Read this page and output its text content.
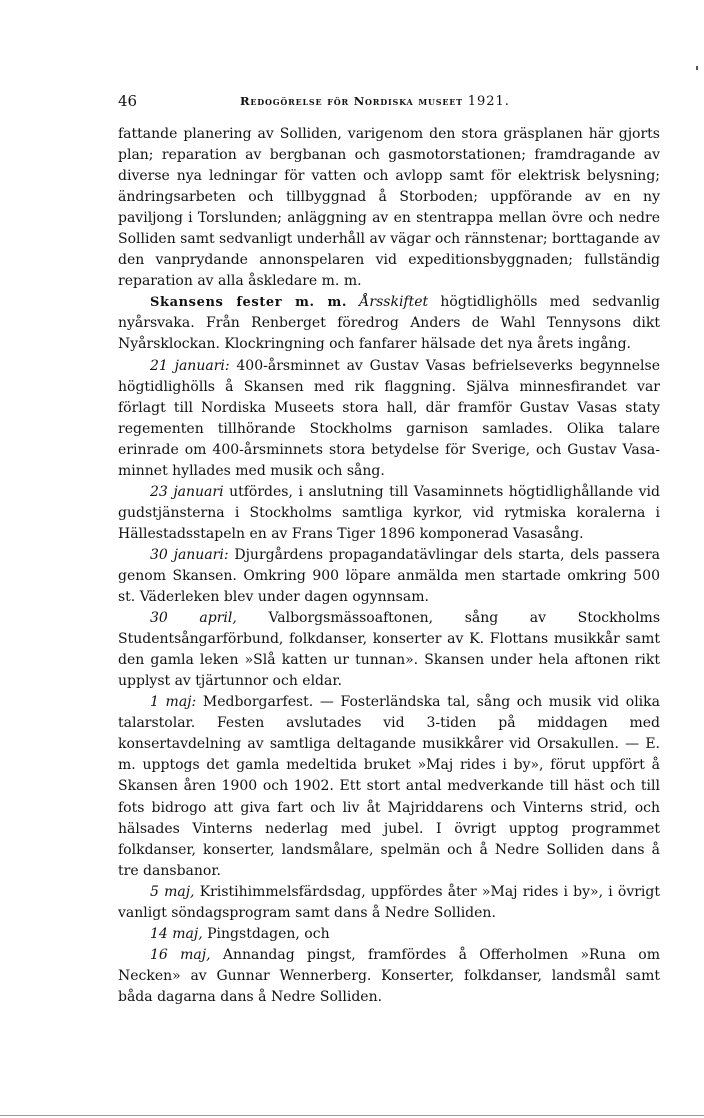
46	Redogörelse för Nordiska museet 1921.

fattande planering av Solliden, varigenom den stora gräsplanen här gjorts plan; reparation av bergbanan och gasmotorstationen; framdragande av diverse nya ledningar för vatten och avlopp samt för elektrisk belysning; ändringsarbeten och tillbyggnad å Storboden; uppförande av en ny paviljong i Torslunden; anläggning av en stentrappa mellan övre och nedre Solliden samt sedvanligt underhåll av vägar och rännstenar; borttagande av den vanprydande annonspelaren vid expeditionsbyggnaden; fullständig reparation av alla åskledare m. m.

Skansens fester m. m. Årsskiftet högtidlighölls med sedvanlig nyårsvaka. Från Renberget föredrog Anders de Wahl Tennysons dikt Nyårsklockan. Klockringning och fanfarer hälsade det nya årets ingång.

21 januari: 400-årsminnet av Gustav Vasas befrielseverks begynnelse högtidlighölls å Skansen med rik flaggning. Själva minnesfirandet var förlagt till Nordiska Museets stora hall, där framför Gustav Vasas staty regementen tillhörande Stockholms garnison samlades. Olika talare erinrade om 400-årsminnets stora betydelse för Sverige, och Gustav Vasa-minnet hyllades med musik och sång.

23 januari utfördes, i anslutning till Vasaminnets högtidlighållande vid gudstjänsterna i Stockholms samtliga kyrkor, vid rytmiska koralerna i Hällestadsstapeln en av Frans Tiger 1896 komponerad Vasasång.

30 januari: Djurgårdens propagandatävlingar dels starta, dels passera genom Skansen. Omkring 900 löpare anmälda men startade omkring 500 st. Väderleken blev under dagen ogynnsam.

30 april, Valborgsmässoaftonen, sång av Stockholms Studentsångarförbund, folkdanser, konserter av K. Flottans musikkår samt den gamla leken »Slå katten ur tunnan». Skansen under hela aftonen rikt upplyst av tjärtunnor och eldar.

1 maj: Medborgarfest. — Fosterländska tal, sång och musik vid olika talarstolar. Festen avslutades vid 3-tiden på middagen med konsertavdelning av samtliga deltagande musikkårer vid Orsakullen. — E. m. upptogs det gamla medeltida bruket »Maj rides i by», förut uppfört å Skansen åren 1900 och 1902. Ett stort antal medverkande till häst och till fots bidrogo att giva fart och liv åt Majriddarens och Vinterns strid, och hälsades Vinterns nederlag med jubel. I övrigt upptog programmet folkdanser, konserter, landsmålare, spelmän och å Nedre Solliden dans å tre dansbanor.

5 maj, Kristihimmelsfärdsdag, uppfördes åter »Maj rides i by», i övrigt vanligt söndagsprogram samt dans å Nedre Solliden.

14 maj, Pingstdagen, och

16 maj, Annandag pingst, framfördes å Offerholmen »Runa om Necken» av Gunnar Wennerberg. Konserter, folkdanser, landsmål samt båda dagarna dans å Nedre Solliden.
